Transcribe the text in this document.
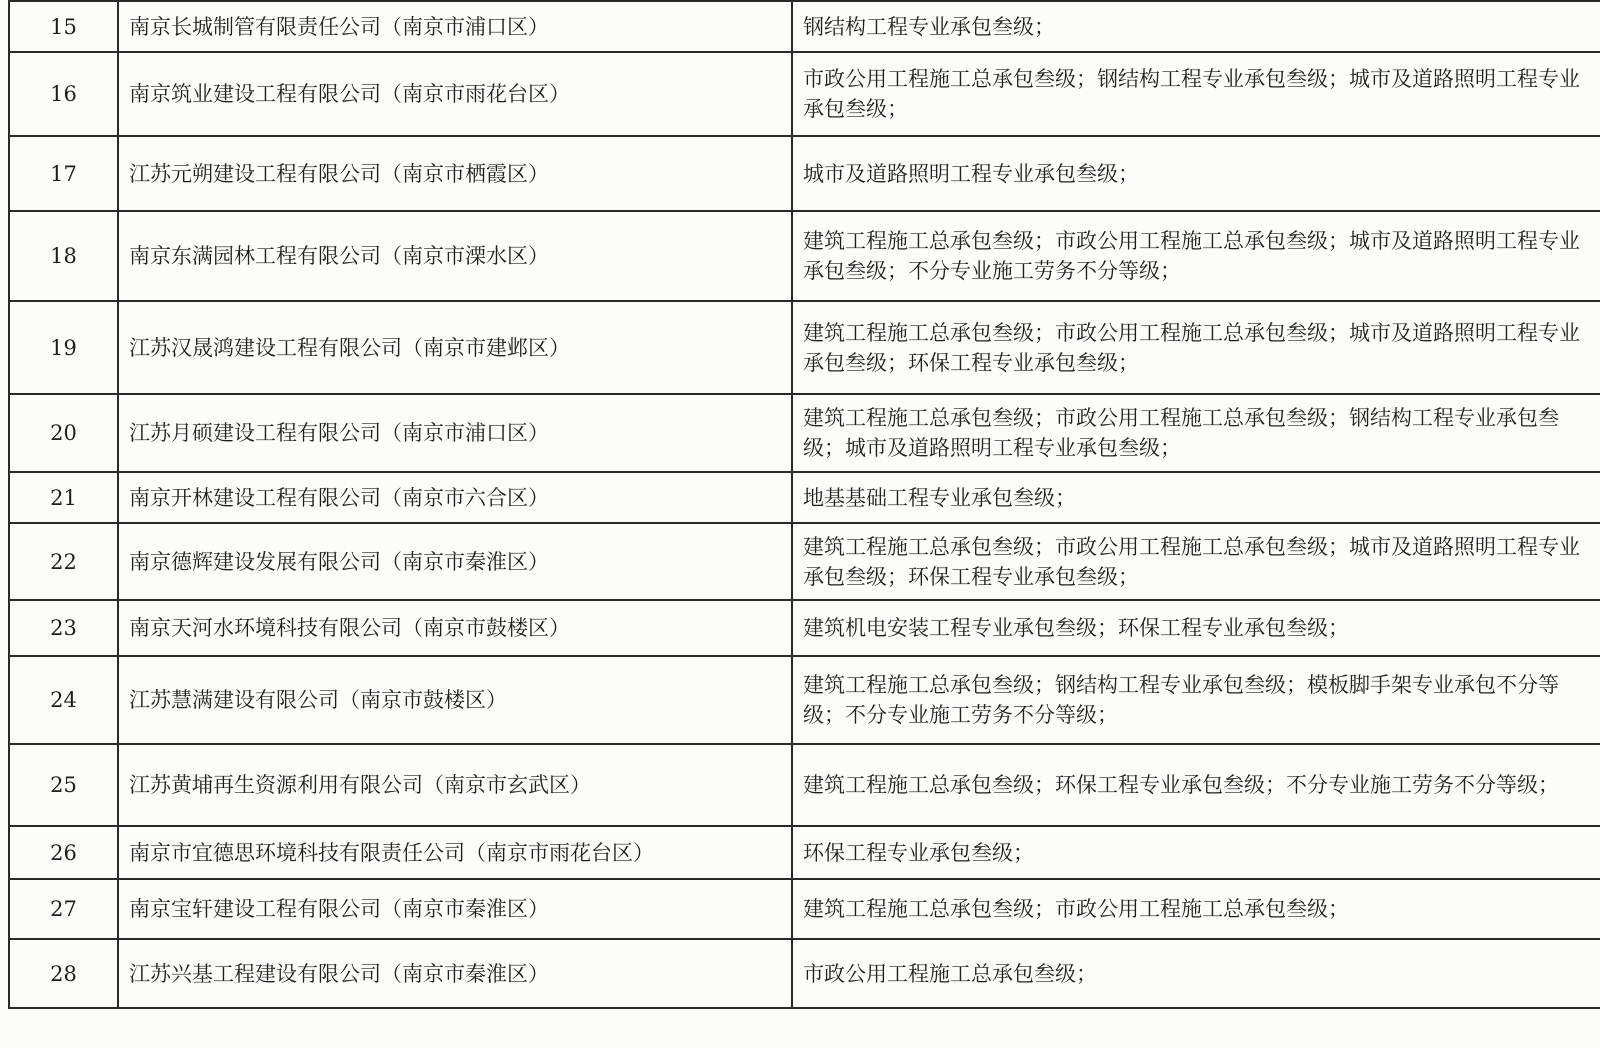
15	南京长城制管有限责任公司（南京市浦口区）	钢结构工程专业承包叁级；
16	南京筑业建设工程有限公司（南京市雨花台区）	市政公用工程施工总承包叁级；钢结构工程专业承包叁级；城市及道路照明工程专业承包叁级；
17	江苏元朔建设工程有限公司（南京市栖霞区）	城市及道路照明工程专业承包叁级；
18	南京东满园林工程有限公司（南京市溧水区）	建筑工程施工总承包叁级；市政公用工程施工总承包叁级；城市及道路照明工程专业承包叁级；不分专业施工劳务不分等级；
19	江苏汉晟鸿建设工程有限公司（南京市建邺区）	建筑工程施工总承包叁级；市政公用工程施工总承包叁级；城市及道路照明工程专业承包叁级；环保工程专业承包叁级；
20	江苏月硕建设工程有限公司（南京市浦口区）	建筑工程施工总承包叁级；市政公用工程施工总承包叁级；钢结构工程专业承包叁级；城市及道路照明工程专业承包叁级；
21	南京开林建设工程有限公司（南京市六合区）	地基基础工程专业承包叁级；
22	南京德辉建设发展有限公司（南京市秦淮区）	建筑工程施工总承包叁级；市政公用工程施工总承包叁级；城市及道路照明工程专业承包叁级；环保工程专业承包叁级；
23	南京天河水环境科技有限公司（南京市鼓楼区）	建筑机电安装工程专业承包叁级；环保工程专业承包叁级；
24	江苏慧满建设有限公司（南京市鼓楼区）	建筑工程施工总承包叁级；钢结构工程专业承包叁级；模板脚手架专业承包不分等级；不分专业施工劳务不分等级；
25	江苏黄埔再生资源利用有限公司（南京市玄武区）	建筑工程施工总承包叁级；环保工程专业承包叁级；不分专业施工劳务不分等级；
26	南京市宜德思环境科技有限责任公司（南京市雨花台区）	环保工程专业承包叁级；
27	南京宝轩建设工程有限公司（南京市秦淮区）	建筑工程施工总承包叁级；市政公用工程施工总承包叁级；
28	江苏兴基工程建设有限公司（南京市秦淮区）	市政公用工程施工总承包叁级；
